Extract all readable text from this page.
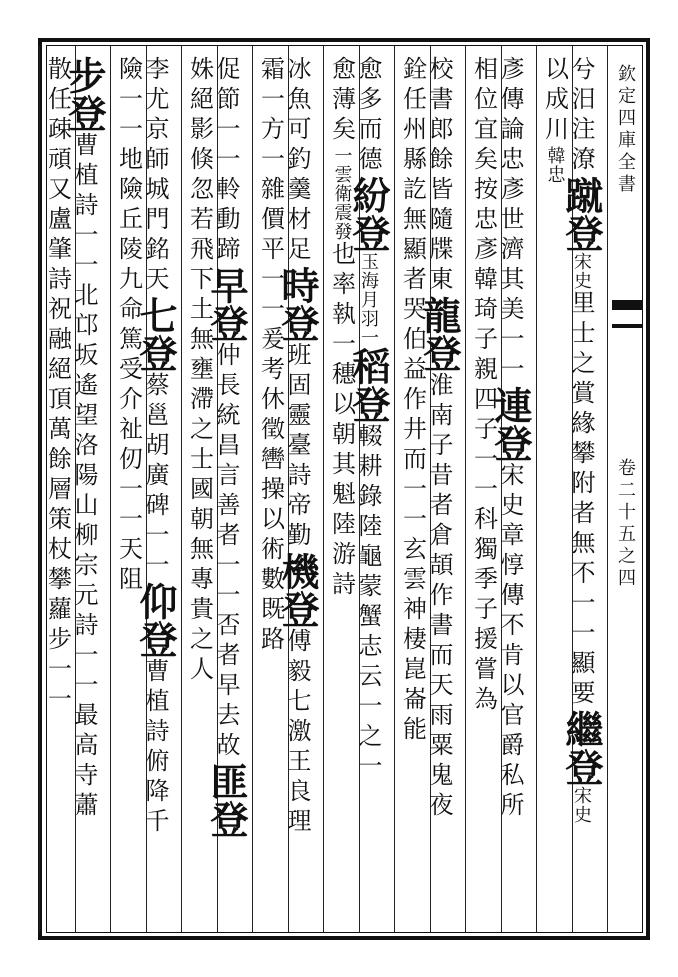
欽定四庫全書
卷二十五之四
兮汨注潦蹴登宋史里士之賞緣攀附者無不一一顯要繼登宋史
以成川韓忠
彥傳論忠彥世濟其美一一連登宋史章惇傳不肯以官爵私所
相位宜矣按忠彥韓琦子親四子一一科獨季子援嘗為
校書郎餘皆隨牒東龍登淮南子昔者倉頡作書而天雨粟鬼夜
銓任州縣訖無顯者哭伯益作井而一一玄雲神棲崑崙能
愈多而德紛登玉海月羽一稻登輟耕錄陸龜蒙蟹志云一之一
愈薄矣一雲衛震發也率執一穗以朝其魁陸游詩
冰魚可釣羹材足時登班固靈臺詩帝勤機登傅毅七激王良理
霜一方一雜價平一一爰考休徵轡操以術數既路
促節一一軨動蹄早登仲長統昌言善者一一否者早去故匪登
姝絕影倏忽若飛下土無壅滯之士國朝無專貴之人
李尤京師城門銘天七登蔡邕胡廣碑一一仰登曹植詩俯降千
險一一地險丘陵九命篤受介祉仞一一天阻
步登曹植詩一一北邙坂遙望洛陽山柳宗元詩一一最高寺蕭
散任疎頑又盧肇詩祝融絕頂萬餘層策杖攀蘿步一一
